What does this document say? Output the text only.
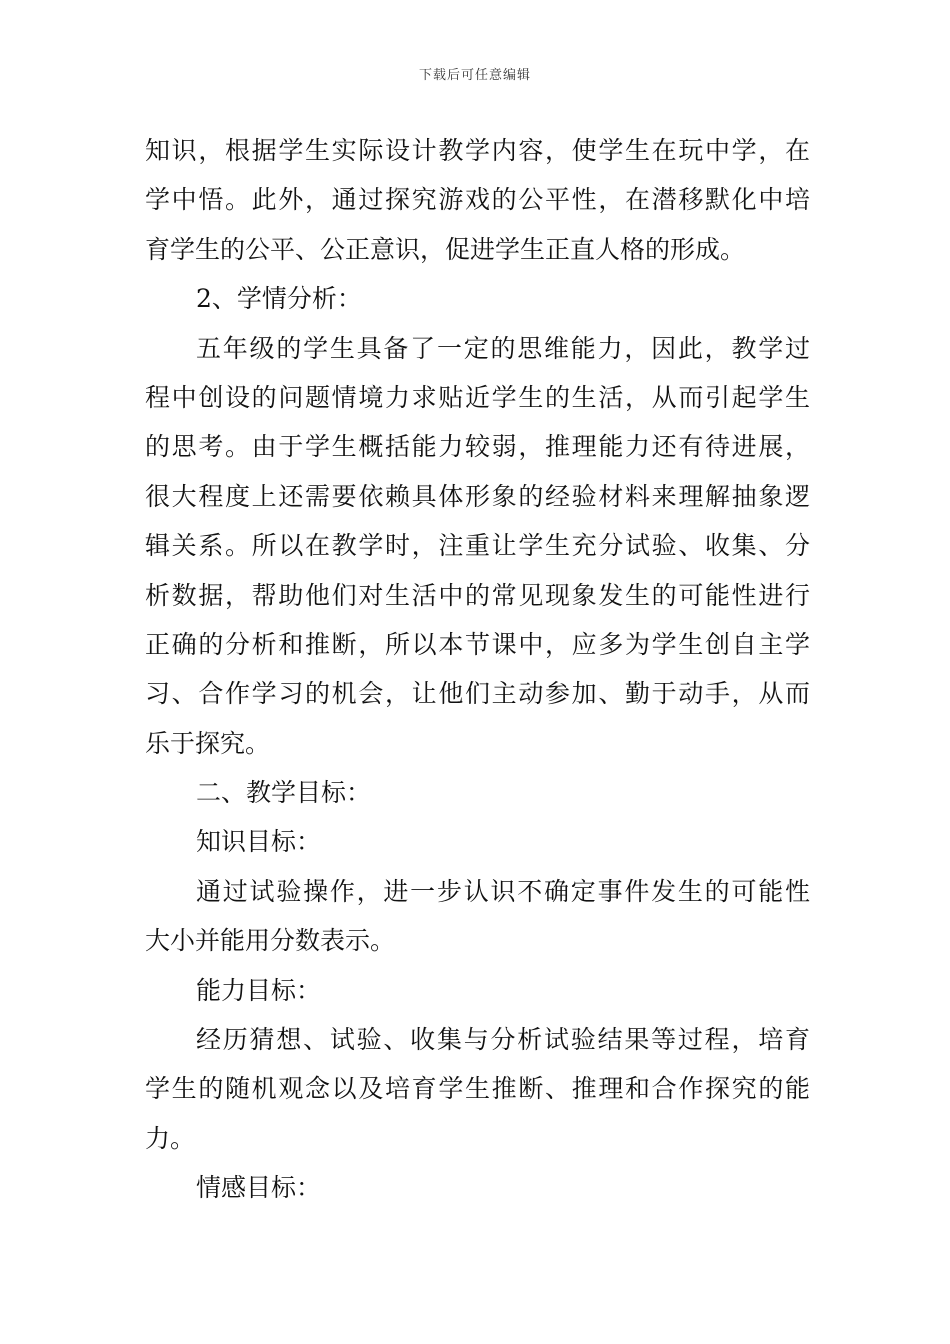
下载后可任意编辑
知识，根据学生实际设计教学内容，使学生在玩中学，在
学中悟。此外，通过探究游戏的公平性，在潜移默化中培
育学生的公平、公正意识，促进学生正直人格的形成。
2、学情分析：
五年级的学生具备了一定的思维能力，因此，教学过
程中创设的问题情境力求贴近学生的生活，从而引起学生
的思考。由于学生概括能力较弱，推理能力还有待进展，
很大程度上还需要依赖具体形象的经验材料来理解抽象逻
辑关系。所以在教学时，注重让学生充分试验、收集、分
析数据，帮助他们对生活中的常见现象发生的可能性进行
正确的分析和推断，所以本节课中，应多为学生创自主学
习、合作学习的机会，让他们主动参加、勤于动手，从而
乐于探究。
二、教学目标：
知识目标：
通过试验操作，进一步认识不确定事件发生的可能性
大小并能用分数表示。
能力目标：
经历猜想、试验、收集与分析试验结果等过程，培育
学生的随机观念以及培育学生推断、推理和合作探究的能
力。
情感目标：
